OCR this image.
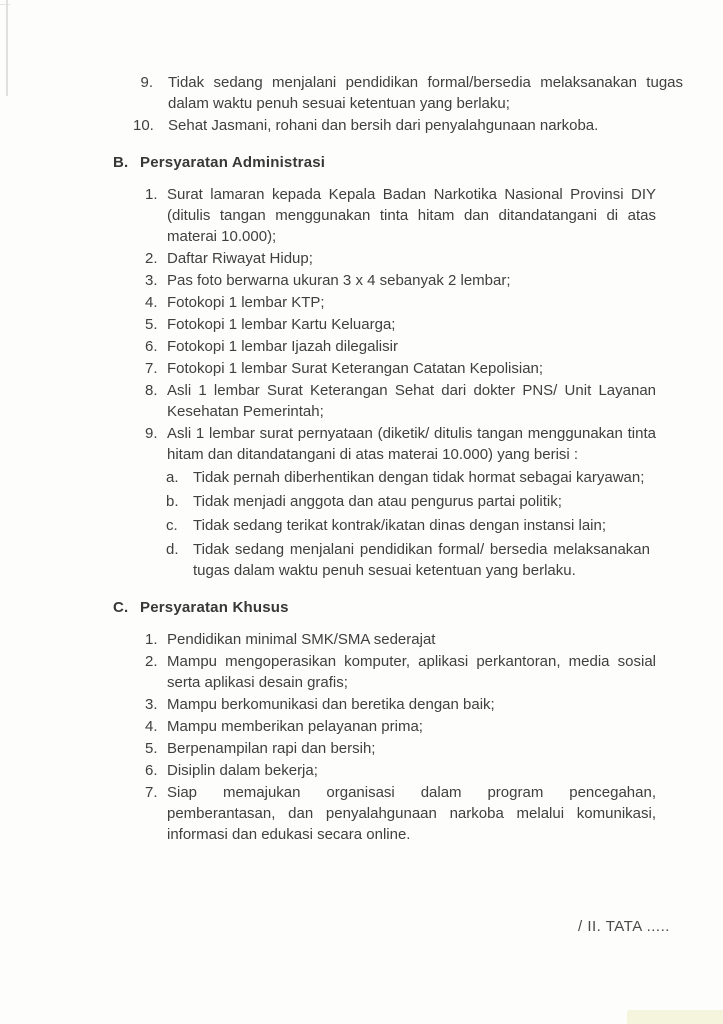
9. Tidak sedang menjalani pendidikan formal/bersedia melaksanakan tugas dalam waktu penuh sesuai ketentuan yang berlaku;
10. Sehat Jasmani, rohani dan bersih dari penyalahgunaan narkoba.
B. Persyaratan Administrasi
1. Surat lamaran kepada Kepala Badan Narkotika Nasional Provinsi DIY (ditulis tangan menggunakan tinta hitam dan ditandatangani di atas materai 10.000);
2. Daftar Riwayat Hidup;
3. Pas foto berwarna ukuran 3 x 4 sebanyak 2 lembar;
4. Fotokopi 1 lembar KTP;
5. Fotokopi 1 lembar Kartu Keluarga;
6. Fotokopi 1 lembar Ijazah dilegalisir
7. Fotokopi 1 lembar Surat Keterangan Catatan Kepolisian;
8. Asli 1 lembar Surat Keterangan Sehat dari dokter PNS/ Unit Layanan Kesehatan Pemerintah;
9. Asli 1 lembar surat pernyataan (diketik/ ditulis tangan menggunakan tinta hitam dan ditandatangani di atas materai 10.000) yang berisi :
a. Tidak pernah diberhentikan dengan tidak hormat sebagai karyawan;
b. Tidak menjadi anggota dan atau pengurus partai politik;
c.	Tidak sedang terikat kontrak/ikatan dinas dengan instansi lain;
d. Tidak sedang menjalani pendidikan formal/ bersedia melaksanakan tugas dalam waktu penuh sesuai ketentuan yang berlaku.
C. Persyaratan Khusus
1. Pendidikan minimal SMK/SMA sederajat
2. Mampu mengoperasikan komputer, aplikasi perkantoran, media sosial serta aplikasi desain grafis;
3. Mampu berkomunikasi dan beretika dengan baik;
4. Mampu memberikan pelayanan prima;
5. Berpenampilan rapi dan bersih;
6. Disiplin dalam bekerja;
7. Siap memajukan organisasi dalam program pencegahan, pemberantasan, dan penyalahgunaan narkoba melalui komunikasi, informasi dan edukasi secara online.
/ II. TATA .....
